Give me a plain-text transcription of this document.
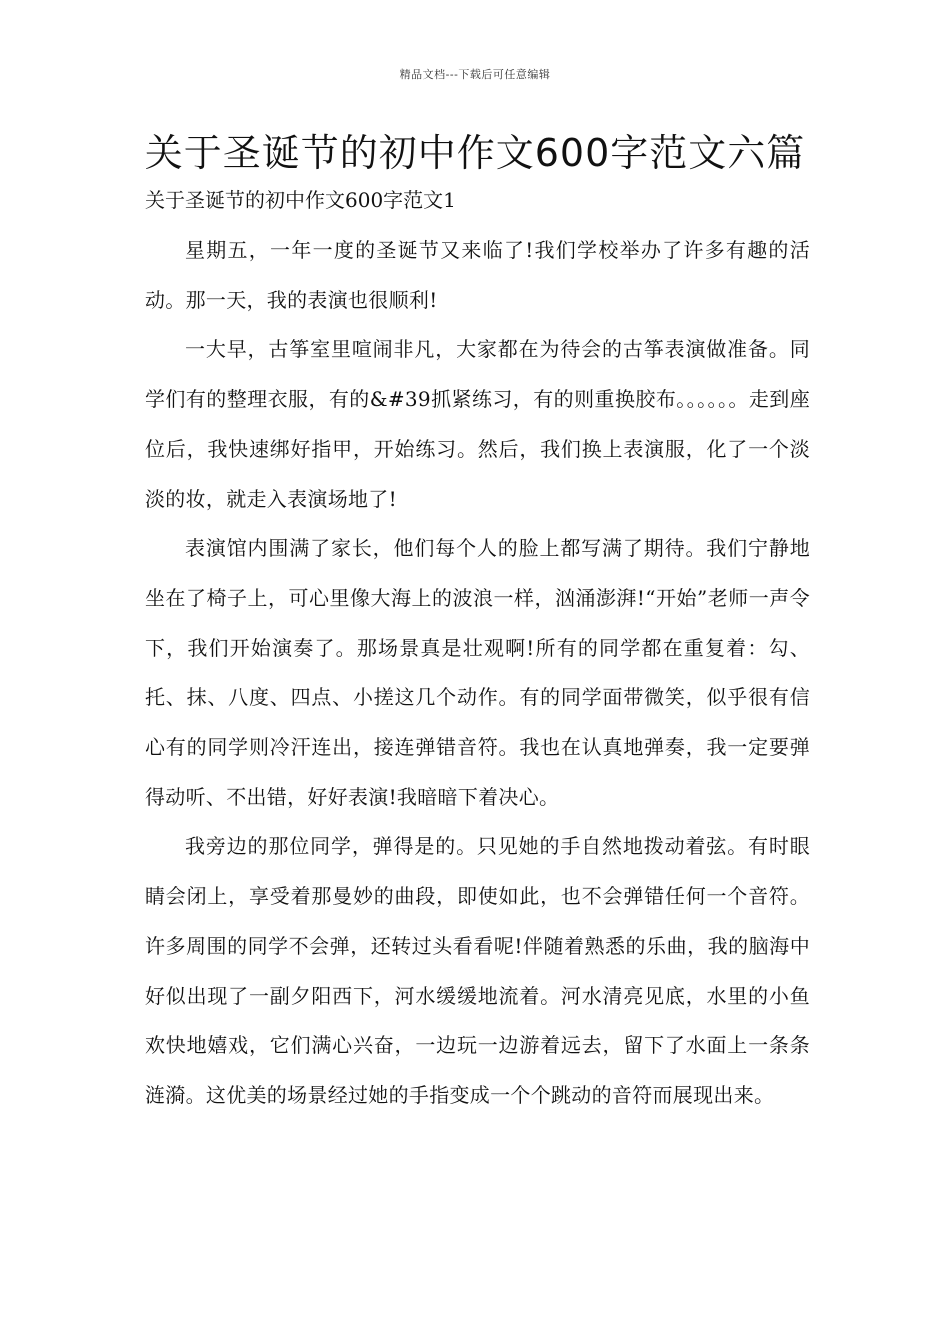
精品文档---下载后可任意编辑
关于圣诞节的初中作文600字范文六篇
关于圣诞节的初中作文600字范文1

星期五，一年一度的圣诞节又来临了!我们学校举办了许多有趣的活动。那一天，我的表演也很顺利!

一大早，古筝室里喧闹非凡，大家都在为待会的古筝表演做准备。同学们有的整理衣服，有的&#39抓紧练习，有的则重换胶布。。。。。。走到座位后，我快速绑好指甲，开始练习。然后，我们换上表演服，化了一个淡淡的妆，就走入表演场地了!

表演馆内围满了家长，他们每个人的脸上都写满了期待。我们宁静地坐在了椅子上，可心里像大海上的波浪一样，汹涌澎湃!“开始”老师一声令下，我们开始演奏了。那场景真是壮观啊!所有的同学都在重复着：勾、托、抹、八度、四点、小搓这几个动作。有的同学面带微笑，似乎很有信心有的同学则冷汗连出，接连弹错音符。我也在认真地弹奏，我一定要弹得动听、不出错，好好表演!我暗暗下着决心。

我旁边的那位同学，弹得是的。只见她的手自然地拨动着弦。有时眼睛会闭上，享受着那曼妙的曲段，即使如此，也不会弹错任何一个音符。许多周围的同学不会弹，还转过头看看呢!伴随着熟悉的乐曲，我的脑海中好似出现了一副夕阳西下，河水缓缓地流着。河水清亮见底，水里的小鱼欢快地嬉戏，它们满心兴奋，一边玩一边游着远去，留下了水面上一条条涟漪。这优美的场景经过她的手指变成一个个跳动的音符而展现出来。
